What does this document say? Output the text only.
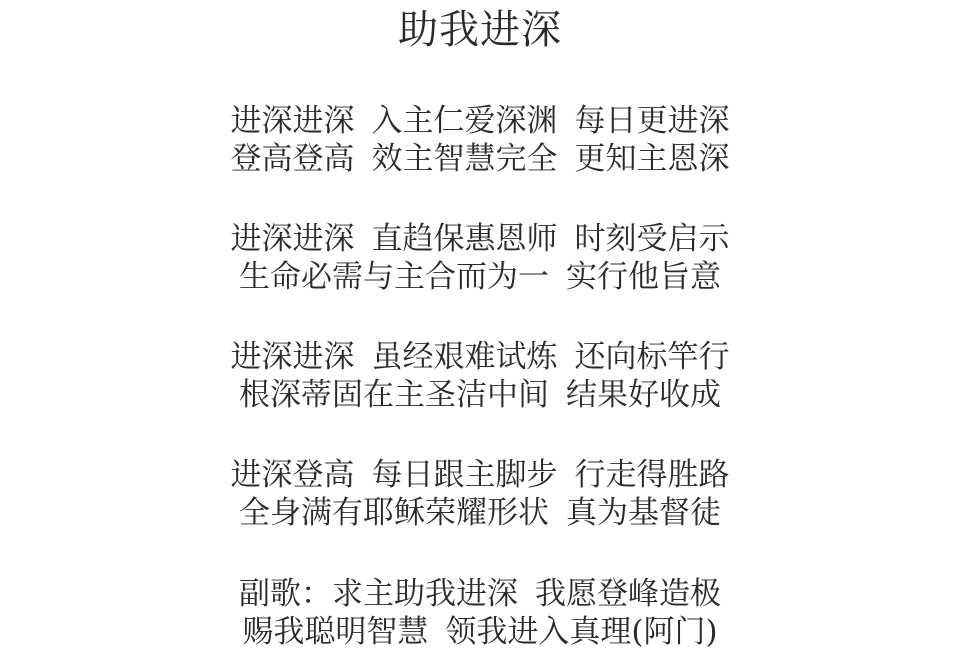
助我进深
进深进深 入主仁爱深渊 每日更进深
登高登高 效主智慧完全 更知主恩深
进深进深 直趋保惠恩师 时刻受启示
生命必需与主合而为一 实行他旨意
进深进深 虽经艰难试炼 还向标竿行
根深蒂固在主圣洁中间 结果好收成
进深登高 每日跟主脚步 行走得胜路
全身满有耶稣荣耀形状 真为基督徒
副歌：求主助我进深 我愿登峰造极
赐我聪明智慧 领我进入真理(阿门)
